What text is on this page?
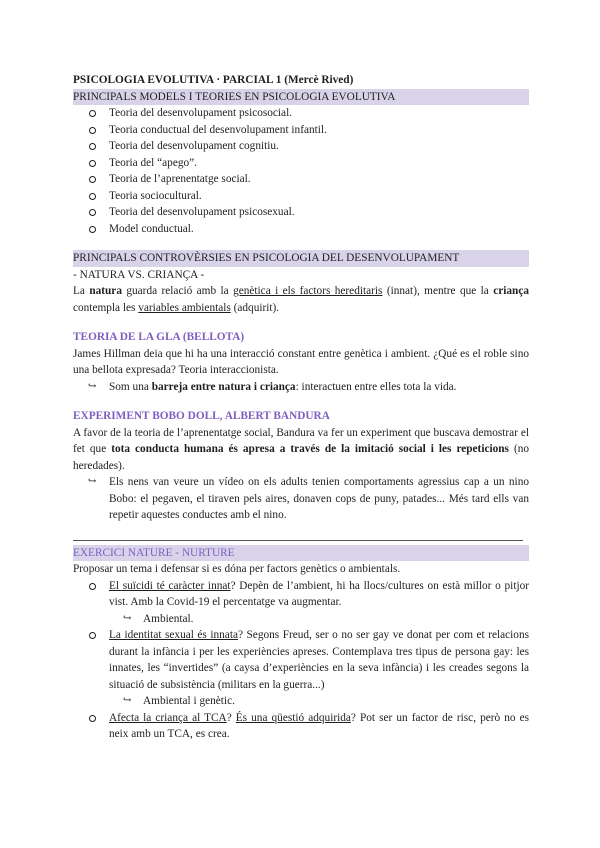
PSICOLOGIA EVOLUTIVA · PARCIAL 1 (Mercè Rived)

PRINCIPALS MODELS I TEORIES EN PSICOLOGIA EVOLUTIVA

Teoria del desenvolupament psicosocial.
Teoria conductual del desenvolupament infantil.
Teoria del desenvolupament cognitiu.
Teoria del “apego”.
Teoria de l’aprenentatge social.
Teoria sociocultural.
Teoria del desenvolupament psicosexual.
Model conductual.

PRINCIPALS CONTROVÈRSIES EN PSICOLOGIA DEL DESENVOLUPAMENT

- NATURA VS. CRIANÇA -

La natura guarda relació amb la genètica i els factors hereditaris (innat), mentre que la criança contempla les variables ambientals (adquirit).

TEORIA DE LA GLA (BELLOTA)

James Hillman deia que hi ha una interacció constant entre genètica i ambient. ¿Qué es el roble sino una bellota expresada? Teoria interaccionista.

↪ Som una barreja entre natura i criança: interactuen entre elles tota la vida.

EXPERIMENT BOBO DOLL, ALBERT BANDURA

A favor de la teoria de l’aprenentatge social, Bandura va fer un experiment que buscava demostrar el fet que tota conducta humana és apresa a través de la imitació social i les repeticions (no heredades).

↪ Els nens van veure un vídeo on els adults tenien comportaments agressius cap a un nino Bobo: el pegaven, el tiraven pels aires, donaven cops de puny, patades... Més tard ells van repetir aquestes conductes amb el nino.

EXERCICI NATURE - NURTURE

Proposar un tema i defensar si es dóna per factors genètics o ambientals.

El suïcidi té caràcter innat? Depèn de l’ambient, hi ha llocs/cultures on està millor o pitjor vist. Amb la Covid-19 el percentatge va augmentar.
↪ Ambiental.
La identitat sexual és innata? Segons Freud, ser o no ser gay ve donat per com et relacions durant la infància i per les experiències apreses. Contemplava tres tipus de persona gay: les innates, les “invertides” (a caysa d’experiències en la seva infància) i les creades segons la situació de subsistència (militars en la guerra...)
↪ Ambiental i genètic.
Afecta la criança al TCA? És una qüestió adquirida? Pot ser un factor de risc, però no es neix amb un TCA, es crea.
